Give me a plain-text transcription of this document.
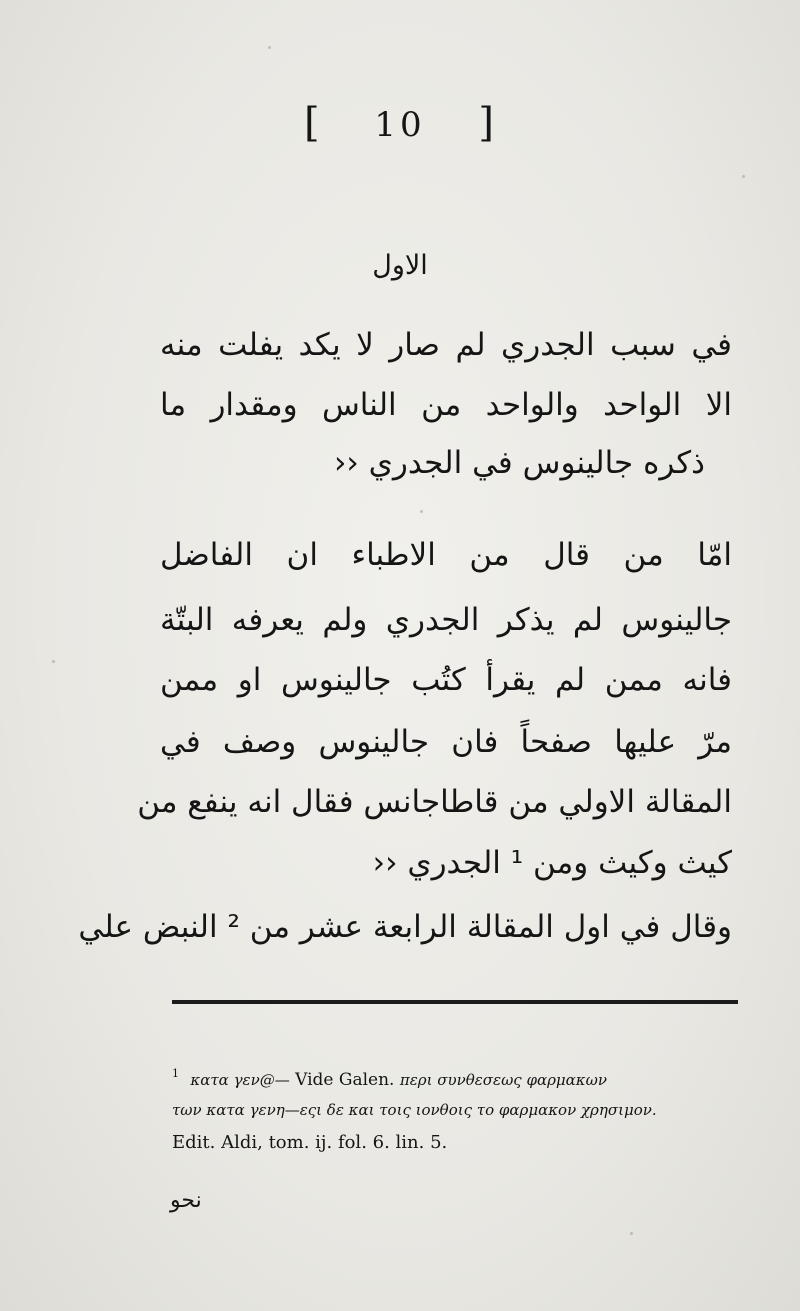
[ 10 ]
الاول
في سبب الجدري لم صار لا يكد يفلت منه
الا الواحد والواحد من الناس ومقدار ما
ذكره جالينوس في الجدري ‹‹
امّا من قال من الاطباء ان الفاضل
جالينوس لم يذكر الجدري ولم يعرفه البتّة
فانه ممن لم يقرأ كتُب جالينوس او ممن
مرّ عليها صفحاً فان جالينوس وصف في
المقالة الاولي من قاطاجانس فقال انه ينفع من
كيث وكيث ومن ¹ الجدري ‹‹
وقال في اول المقالة الرابعة عشر من ² النبض علي
$^1$ κατα γεν@— Vide Galen. περι συνθεσεως φαρμακων
των κατα γενη—εςι δε και τοις ιονθοις το φαρμακον χρησιμον.
Edit. Aldi, tom. ij. fol. 6. lin. 5.
نحو
